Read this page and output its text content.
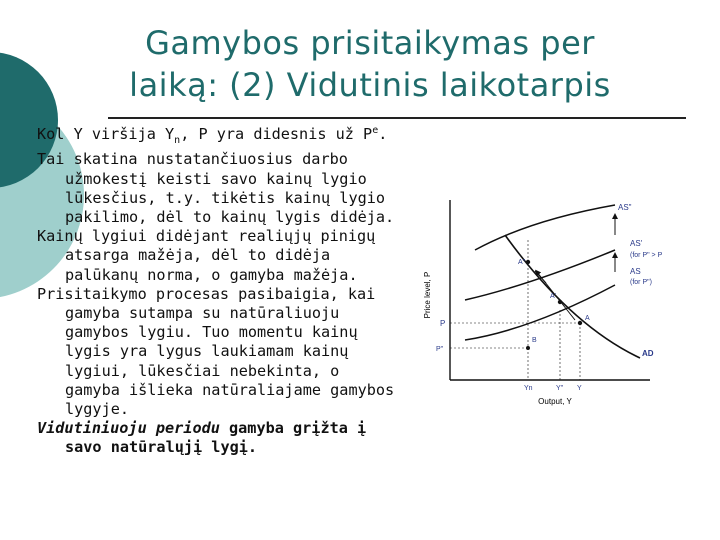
Gamybos prisitaikymas per
laiką: (2) Vidutinis laikotarpis

Kol Y viršija $Y_n$, P yra didesnis už $P^e$.

Tai skatina nustatančiuosius darbo užmokestį keisti savo kainų lygio lūkesčius, t.y. tikėtis kainų lygio pakilimo, dėl to kainų lygis didėja.

Kainų lygiui didėjant realiųjų pinigų atsarga mažėja, dėl to didėja palūkanų norma, o gamyba mažėja.

Prisitaikymo procesas pasibaigia, kai gamyba sutampa su natūraliuoju gamybos lygiu. Tuo momentu kainų lygis yra lygus laukiamam kainų lygiui, lūkesčiai nebekinta, o gamyba išlieka natūraliajame gamybos lygyje.

Vidutiniuoju periodu gamyba grįžta į savo natūralųjį lygį.

Price level, P
Output, Y
AS"
AS'
(for P" > P
AS
(for P")
AD
A"
A'
A
B
P
P"
Yn	Y" Y
